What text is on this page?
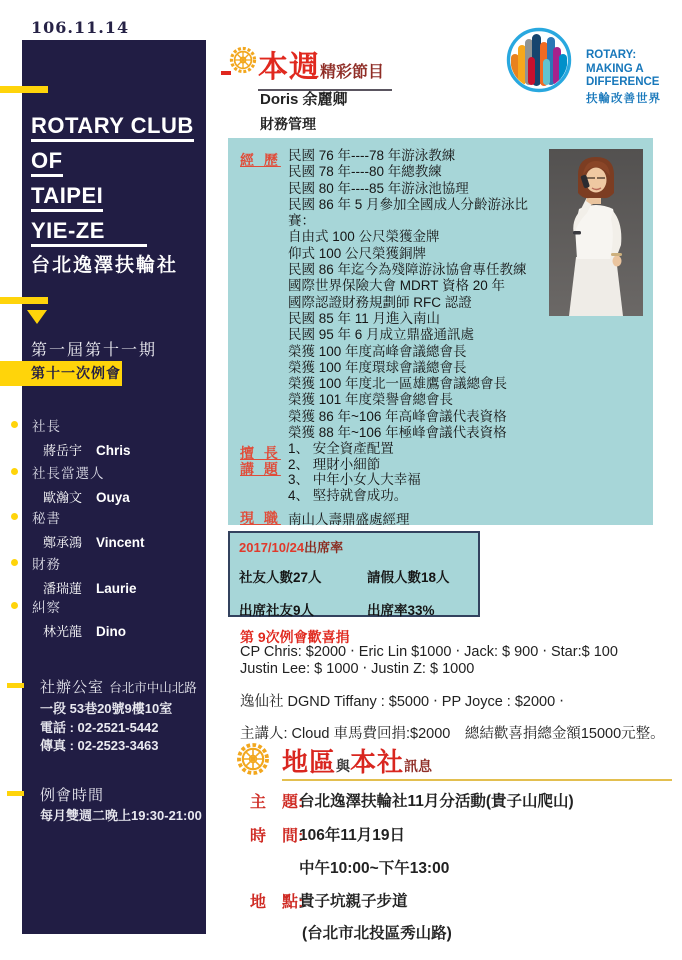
106.11.14
ROTARY CLUB
OF
TAIPEI
YIE-ZE
台北逸澤扶輪社
第一屆第十一期
第十一次例會
社長
蔣岳宇 Chris
社長當選人
歐瀚文 Ouya
秘書
鄭承鴻 Vincent
財務
潘瑞蓮 Laurie
糾察
林光龍 Dino
社辦公室 台北市中山北路
一段 53巷20號9樓10室
電話 : 02-2521-5442
傳真 : 02-2523-3463
例會時間
每月雙週二晚上19:30-21:00
本週 精彩節目
Doris 余麗卿
財務管理
ROTARY:
MAKING A
DIFFERENCE
扶輪改善世界
經 歷 民國 76 年----78 年游泳教練
民國 78 年----80 年總教練
民國 80 年----85 年游泳池協理
民國 86 年 5 月參加全國成人分齡游泳比
賽：
自由式 100 公尺榮獲金牌
仰式 100 公尺榮獲銅牌
民國 86 年迄今為殘障游泳協會專任教練
國際世界保險大會 MDRT 資格 20 年
國際認證財務規劃師 RFC 認證
民國 85 年 11 月進入南山
民國 95 年 6 月成立鼎盛通訊處
榮獲 100 年度高峰會議總會長
榮獲 100 年度環球會議總會長
榮獲 100 年度北一區雄鷹會議總會長
榮獲 101 年度榮譽會總會長
榮獲 86 年~106 年高峰會議代表資格
榮獲 88 年~106 年極峰會議代表資格
擅 長
講 題
1、 安全資產配置
2、 理財小細節
3、 中年小女人大幸福
4、 堅持就會成功。
現 職 南山人壽鼎盛處經理
2017/10/24出席率
社友人數27人	請假人數18人
出席社友9人	出席率33%
第 9次例會歡喜捐
CP Chris: $2000 ‧ Eric Lin $1000 ‧ Jack: $ 900 ‧ Star:$ 100
Justin Lee: $ 1000 ‧ Justin Z: $ 1000
逸仙社 DGND Tiffany : $5000 ‧ PP Joyce : $2000 ‧
主講人: Cloud 車馬費回捐:$2000　總結歡喜捐總金額15000元整。
地區 與 本社 訊息
主　題:
台北逸澤扶輪社11月分活動(貴子山爬山)
時　間:
106年11月19日
中午10:00~下午13:00
地　點:
貴子坑親子步道
(台北市北投區秀山路)
